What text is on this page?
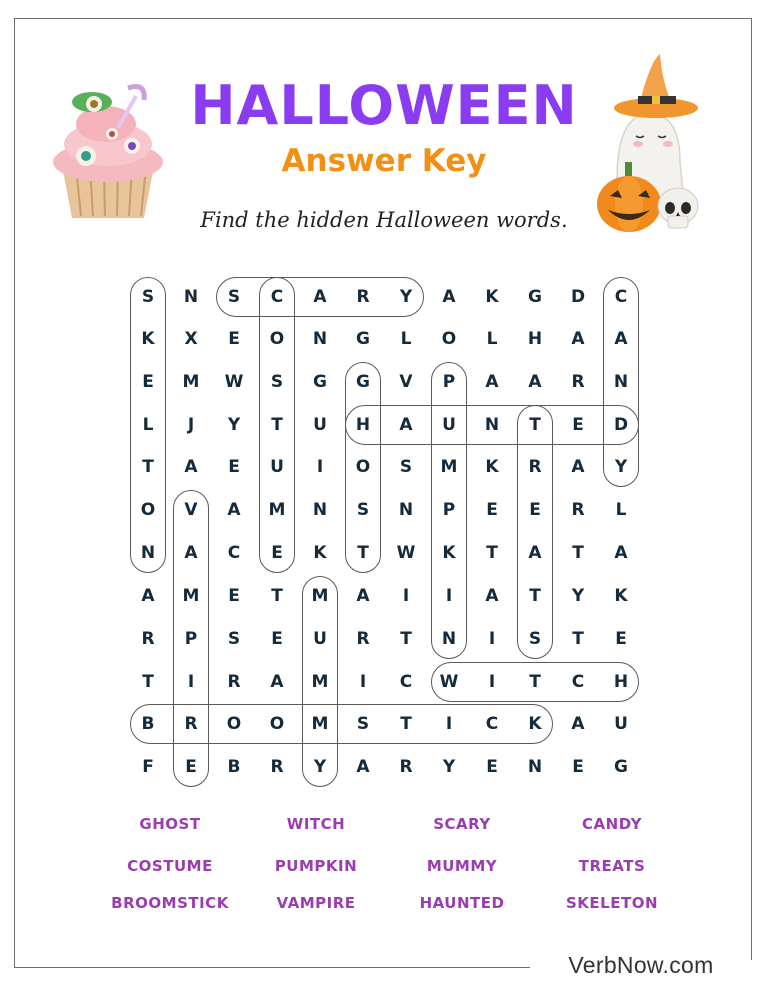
VerbNow.com
HALLOWEEN
Answer Key
Find the hidden Halloween words.
S	N	S	C	A	R	Y	A	K	G	D	C
K	X	E	O	N	G	L	O	L	H	A	A
E	M	W	S	G	G	V	P	A	A	R	N
L	J	Y	T	U	H	A	U	N	T	E	D
T	A	E	U	I	O	S	M	K	R	A	Y
O	V	A	M	N	S	N	P	E	E	R	L
N	A	C	E	K	T	W	K	T	A	T	A
A	M	E	T	M	A	I	I	A	T	Y	K
R	P	S	E	U	R	T	N	I	S	T	E
T	I	R	A	M	I	C	W	I	T	C	H
B	R	O	O	M	S	T	I	C	K	A	U
F	E	B	R	Y	A	R	Y	E	N	E	G
GHOST	WITCH	SCARY	CANDY
COSTUME	PUMPKIN	MUMMY	TREATS
BROOMSTICK	VAMPIRE	HAUNTED	SKELETON
